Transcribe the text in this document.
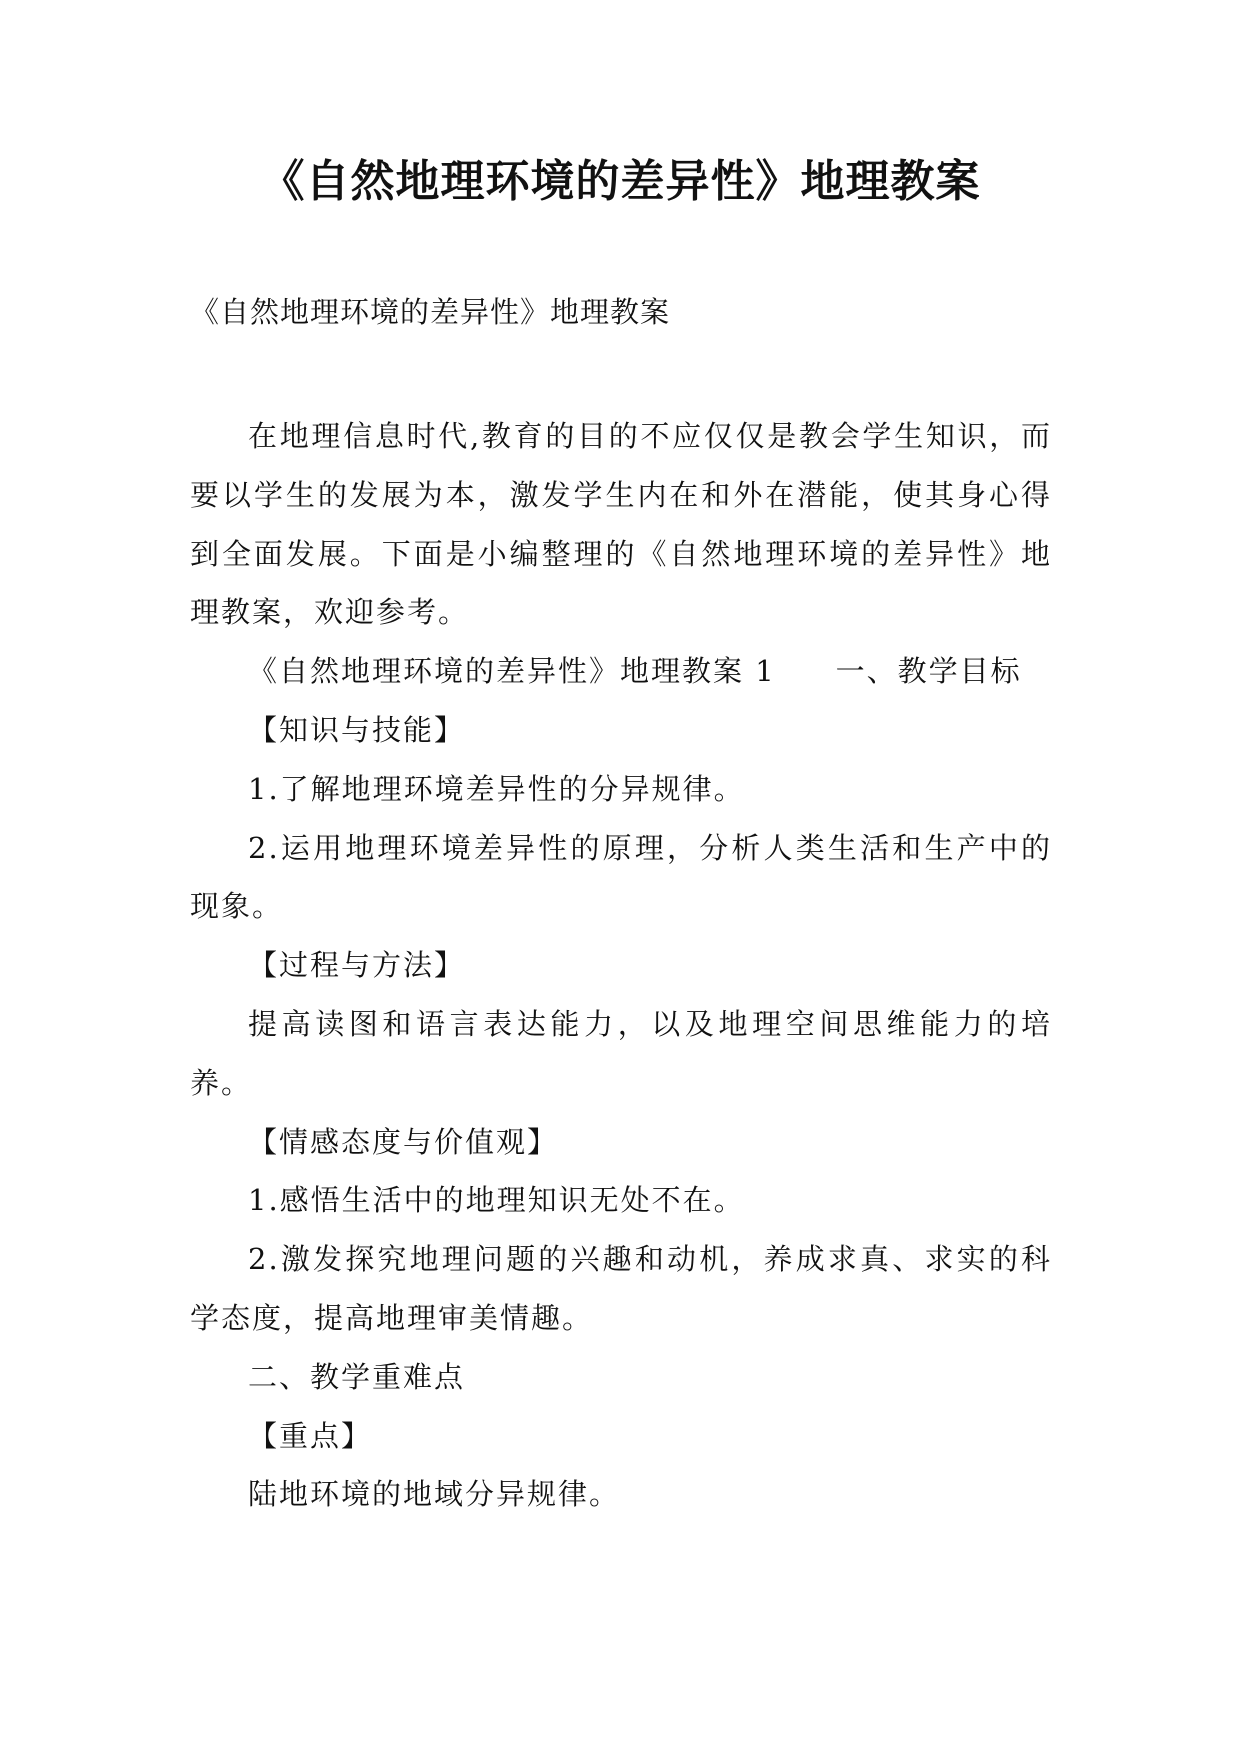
《自然地理环境的差异性》地理教案

《自然地理环境的差异性》地理教案

在地理信息时代,教育的目的不应仅仅是教会学生知识，而要以学生的发展为本，激发学生内在和外在潜能，使其身心得到全面发展。下面是小编整理的《自然地理环境的差异性》地理教案，欢迎参考。

《自然地理环境的差异性》地理教案 1 一、教学目标

【知识与技能】

1.了解地理环境差异性的分异规律。

2.运用地理环境差异性的原理，分析人类生活和生产中的现象。

【过程与方法】

提高读图和语言表达能力，以及地理空间思维能力的培养。

【情感态度与价值观】

1.感悟生活中的地理知识无处不在。

2.激发探究地理问题的兴趣和动机，养成求真、求实的科学态度，提高地理审美情趣。

二、教学重难点

【重点】

陆地环境的地域分异规律。
